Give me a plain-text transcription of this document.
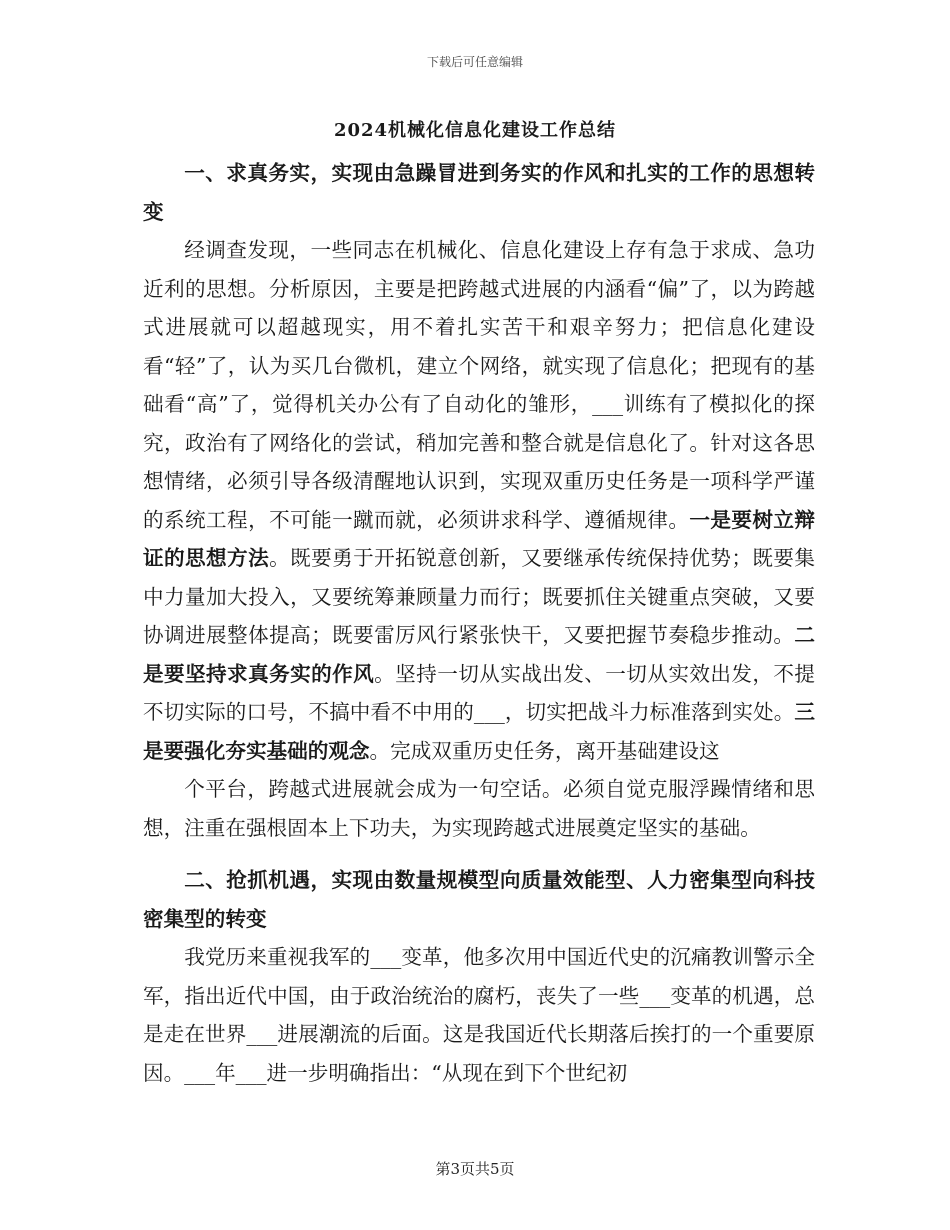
下载后可任意编辑
2024机械化信息化建设工作总结

一、求真务实，实现由急躁冒进到务实的作风和扎实的工作的思想转变

经调查发现，一些同志在机械化、信息化建设上存有急于求成、急功近利的思想。分析原因，主要是把跨越式进展的内涵看“偏”了，以为跨越式进展就可以超越现实，用不着扎实苦干和艰辛努力；把信息化建设看“轻”了，认为买几台微机，建立个网络，就实现了信息化；把现有的基础看“高”了，觉得机关办公有了自动化的雏形，___训练有了模拟化的探究，政治有了网络化的尝试，稍加完善和整合就是信息化了。针对这各思想情绪，必须引导各级清醒地认识到，实现双重历史任务是一项科学严谨的系统工程，不可能一蹴而就，必须讲求科学、遵循规律。一是要树立辩证的思想方法。既要勇于开拓锐意创新，又要继承传统保持优势；既要集中力量加大投入，又要统筹兼顾量力而行；既要抓住关键重点突破，又要协调进展整体提高；既要雷厉风行紧张快干，又要把握节奏稳步推动。二是要坚持求真务实的作风。坚持一切从实战出发、一切从实效出发，不提不切实际的口号，不搞中看不中用的___，切实把战斗力标准落到实处。三是要强化夯实基础的观念。完成双重历史任务，离开基础建设这

个平台，跨越式进展就会成为一句空话。必须自觉克服浮躁情绪和思想，注重在强根固本上下功夫，为实现跨越式进展奠定坚实的基础。

二、抢抓机遇，实现由数量规模型向质量效能型、人力密集型向科技密集型的转变

我党历来重视我军的___变革，他多次用中国近代史的沉痛教训警示全军，指出近代中国，由于政治统治的腐朽，丧失了一些___变革的机遇，总是走在世界___进展潮流的后面。这是我国近代长期落后挨打的一个重要原因。___年___进一步明确指出：“从现在到下个世纪初

第3页共5页
